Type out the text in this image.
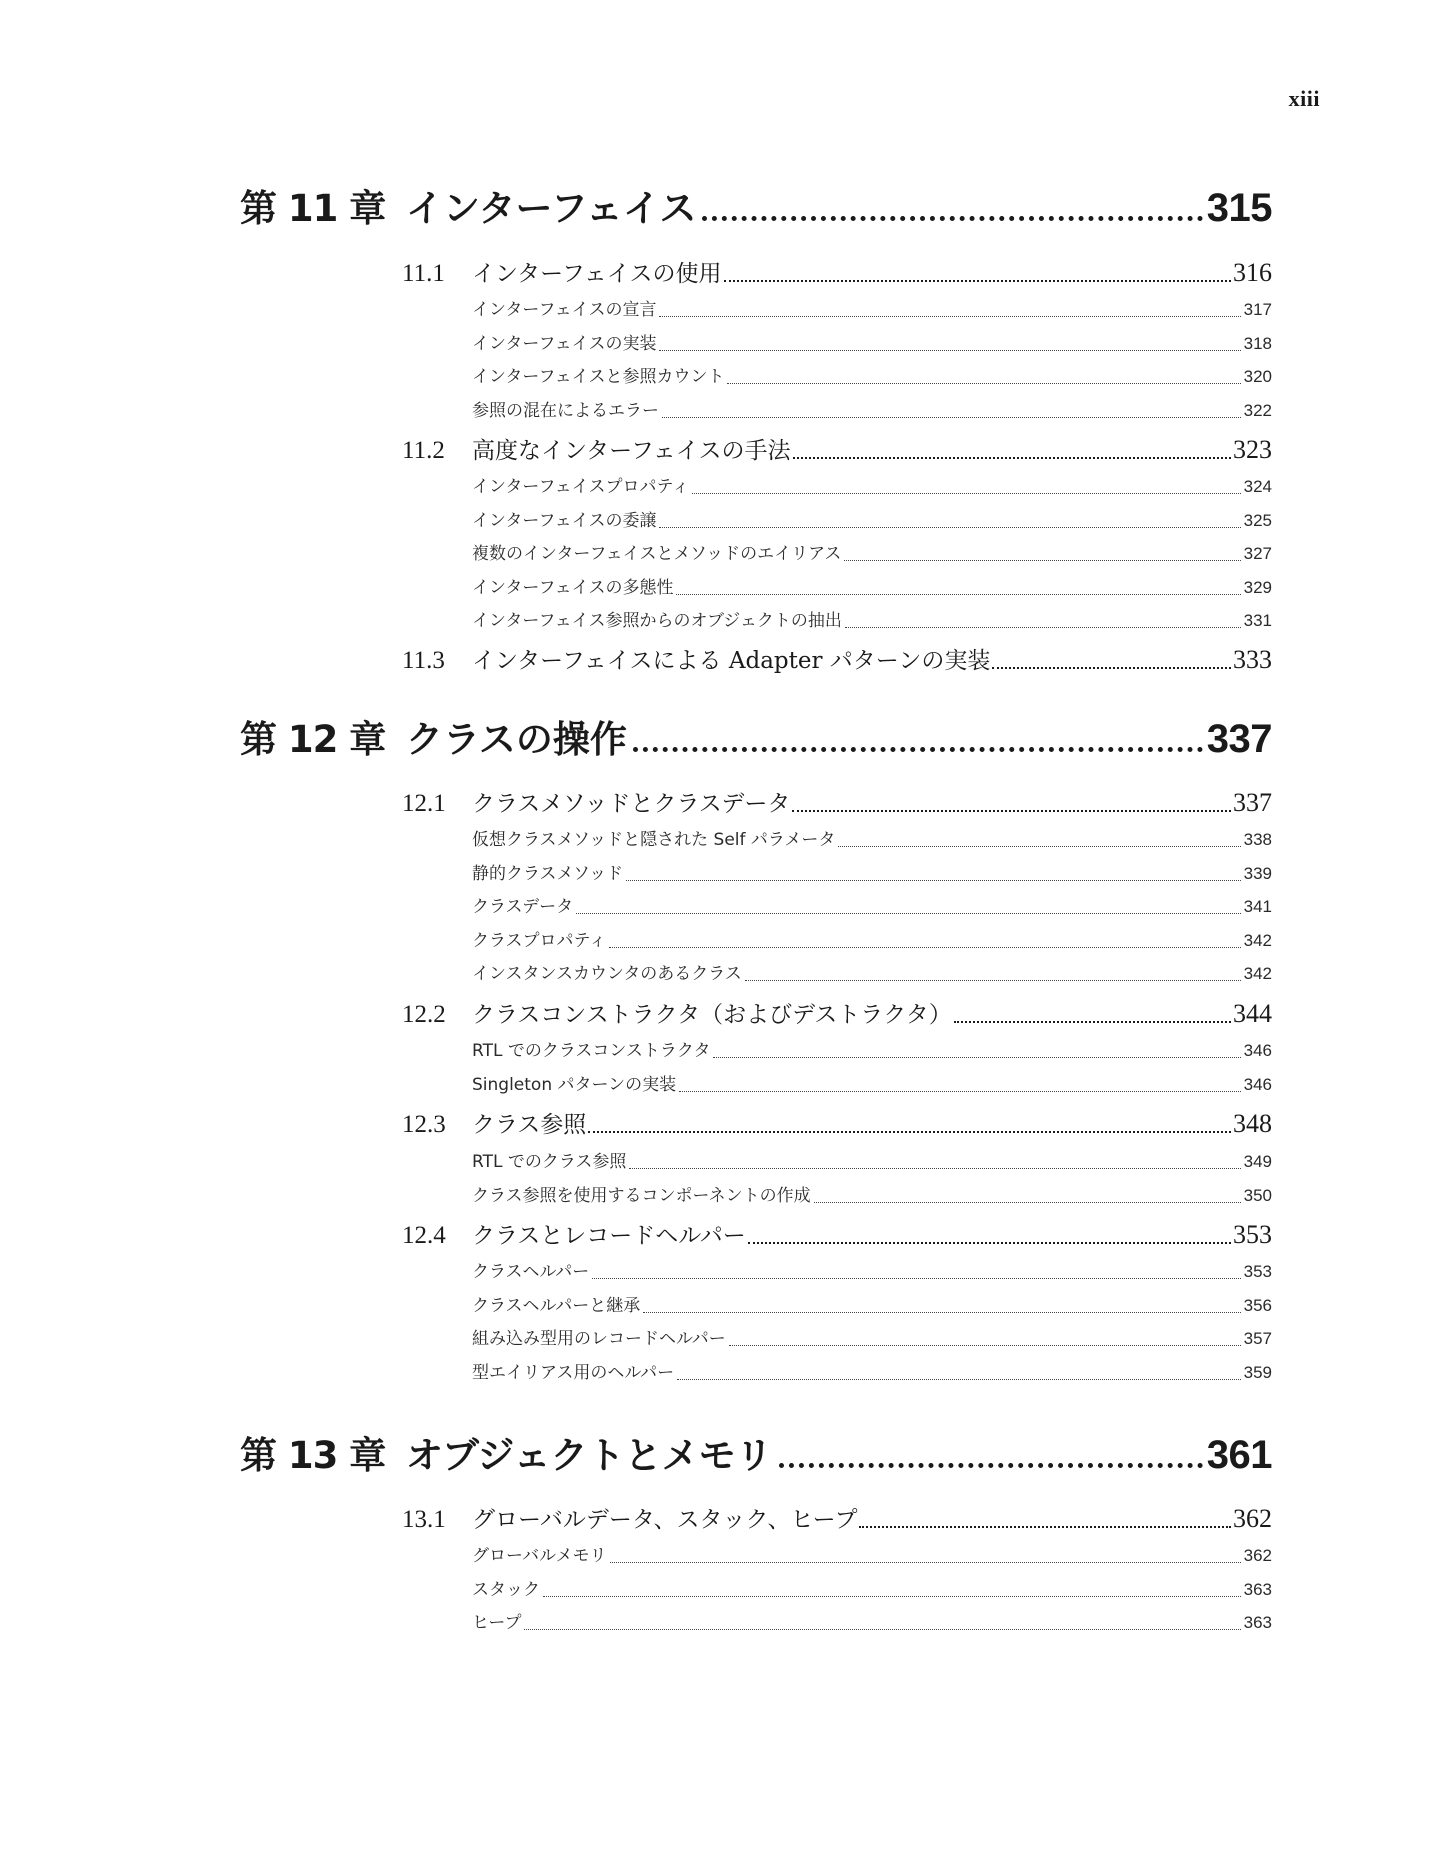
xiii
第 11 章 インターフェイス	315
11.1	インターフェイスの使用	316
インターフェイスの宣言	317
インターフェイスの実装	318
インターフェイスと参照カウント	320
参照の混在によるエラー	322
11.2	高度なインターフェイスの手法	323
インターフェイスプロパティ	324
インターフェイスの委譲	325
複数のインターフェイスとメソッドのエイリアス	327
インターフェイスの多態性	329
インターフェイス参照からのオブジェクトの抽出	331
11.3	インターフェイスによる Adapter パターンの実装	333
第 12 章 クラスの操作	337
12.1	クラスメソッドとクラスデータ	337
仮想クラスメソッドと隠された Self パラメータ	338
静的クラスメソッド	339
クラスデータ	341
クラスプロパティ	342
インスタンスカウンタのあるクラス	342
12.2	クラスコンストラクタ（およびデストラクタ）	344
RTL でのクラスコンストラクタ	346
Singleton パターンの実装	346
12.3	クラス参照	348
RTL でのクラス参照	349
クラス参照を使用するコンポーネントの作成	350
12.4	クラスとレコードヘルパー	353
クラスヘルパー	353
クラスヘルパーと継承	356
組み込み型用のレコードヘルパー	357
型エイリアス用のヘルパー	359
第 13 章 オブジェクトとメモリ	361
13.1	グローバルデータ、スタック、ヒープ	362
グローバルメモリ	362
スタック	363
ヒープ	363
